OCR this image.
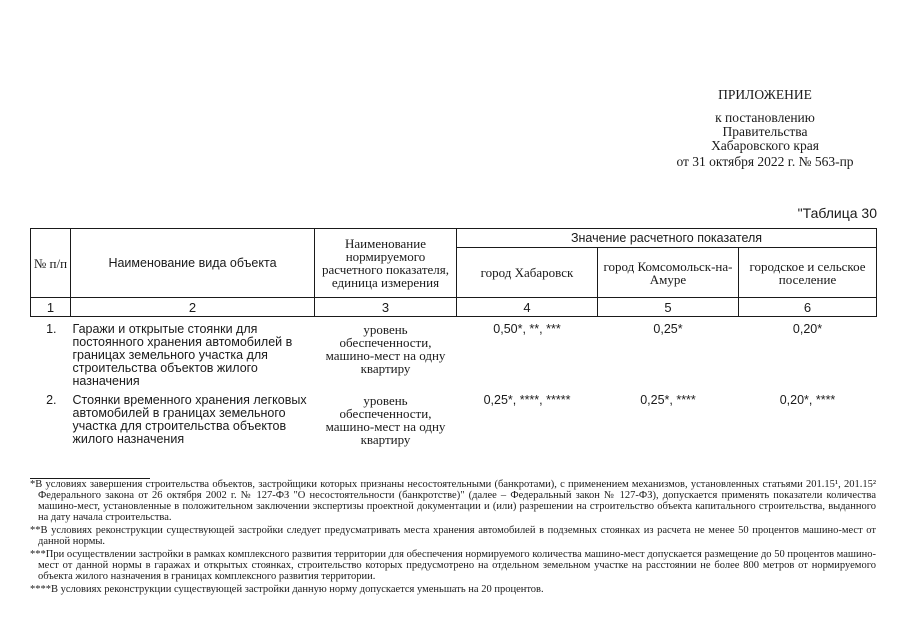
ПРИЛОЖЕНИЕ
к постановлению
Правительства
Хабаровского края
от 31 октября 2022 г. № 563-пр
"Таблица 30
№ п/п	Наименование вида объекта	Наименование нормируемого расчетного показателя, единица измерения	Значение расчетного показателя		
			город Хабаровск	город Комсомольск-на-Амуре	городское и сельское поселение
1	2	3	4	5	6
1.	Гаражи и открытые стоянки для постоянного хранения автомобилей в границах земельного участка для строительства объектов жилого назначения	уровень обеспеченности, машино-мест на одну квартиру	0,50*, **, ***	0,25*	0,20*
2.	Стоянки временного хранения легковых автомобилей в границах земельного участка для строительства объектов жилого назначения	уровень обеспеченности, машино-мест на одну квартиру	0,25*, ****, *****	0,25*, ****	0,20*, ****

*В условиях завершения строительства объектов, застройщики которых признаны несостоятельными (банкротами), с применением механизмов, установленных статьями 201.15¹, 201.15² Федерального закона от 26 октября 2002 г. № 127-ФЗ "О несостоятельности (банкротстве)" (далее – Федеральный закон № 127-ФЗ), допускается применять показатели количества машино-мест, установленные в положительном заключении экспертизы проектной документации и (или) разрешении на строительство объекта капитального строительства, выданного на дату начала строительства.

**В условиях реконструкции существующей застройки следует предусматривать места хранения автомобилей в подземных стоянках из расчета не менее 50 процентов машино-мест от данной нормы.

***При осуществлении застройки в рамках комплексного развития территории для обеспечения нормируемого количества машино-мест допускается размещение до 50 процентов машино-мест от данной нормы в гаражах и открытых стоянках, строительство которых предусмотрено на отдельном земельном участке на расстоянии не более 800 метров от нормируемого объекта жилого назначения в границах комплексного развития территории.

****В условиях реконструкции существующей застройки данную норму допускается уменьшать на 20 процентов.
